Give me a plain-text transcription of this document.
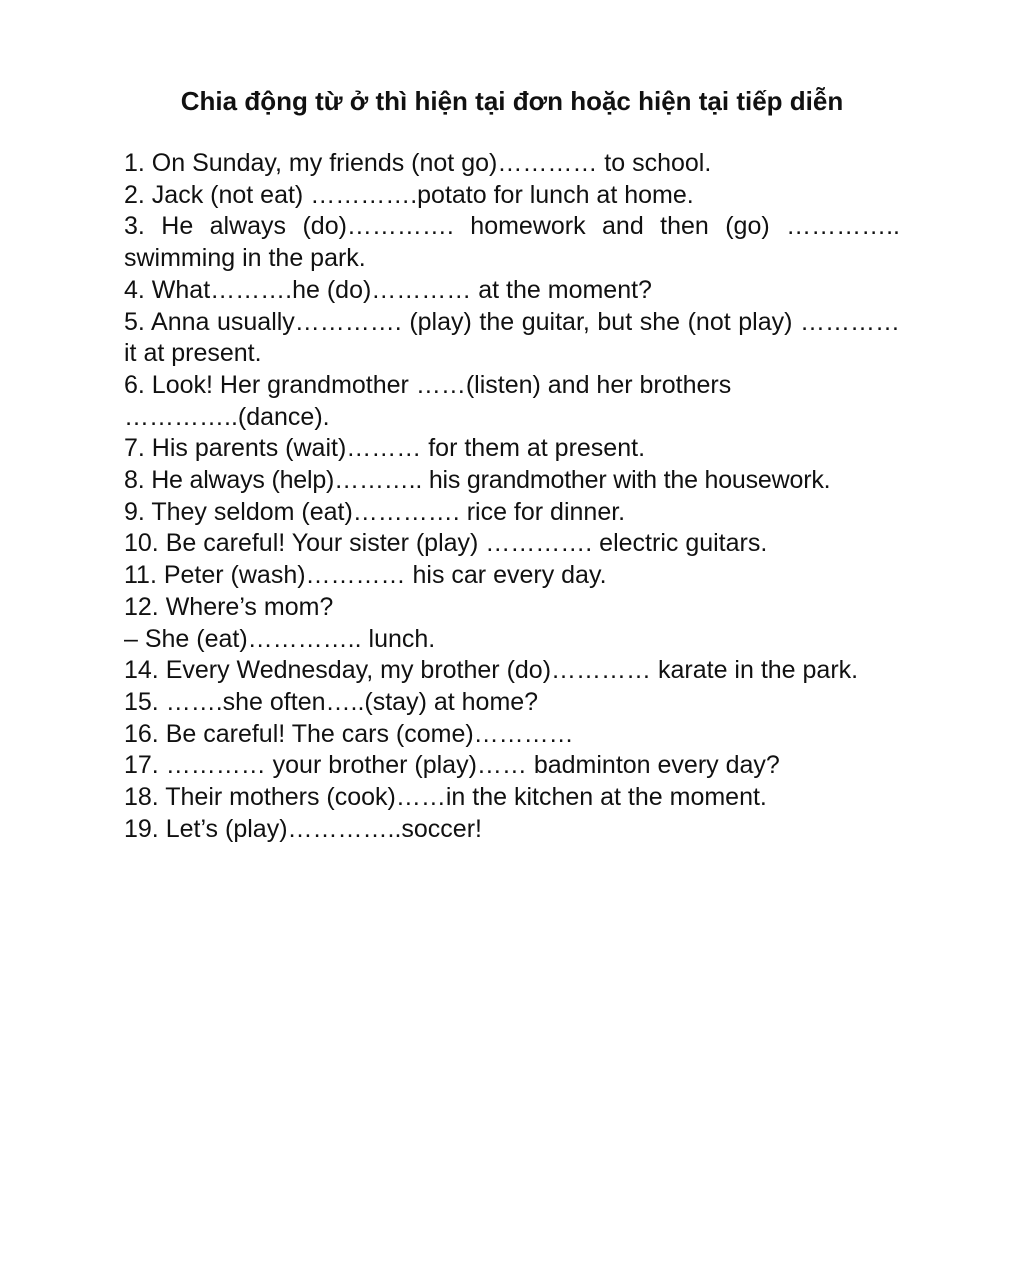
Chia động từ ở thì hiện tại đơn hoặc hiện tại tiếp diễn
1. On Sunday, my friends (not go)………… to school.
2. Jack (not eat) ………….potato for lunch at home.
3. He always (do)…………. homework and then (go) ………….. swimming in the park.
4. What……….he (do)………… at the moment?
5. Anna usually…………. (play) the guitar, but she (not play) ………… it at present.
6. Look! Her grandmother ……(listen) and her brothers …………..(dance).
7. His parents (wait)……… for them at present.
8. He always (help)……….. his grandmother with the housework.
9. They seldom (eat)…………. rice for dinner.
10. Be careful! Your sister (play) …………. electric guitars.
11. Peter (wash)………… his car every day.
12. Where’s mom?
– She (eat)………….. lunch.
14. Every Wednesday, my brother (do)………… karate in the park.
15. …….she often…..(stay) at home?
16. Be careful! The cars (come)…………
17. ………… your brother (play)…… badminton every day?
18. Their mothers (cook)……in the kitchen at the moment.
19. Let’s (play)…………..soccer!
